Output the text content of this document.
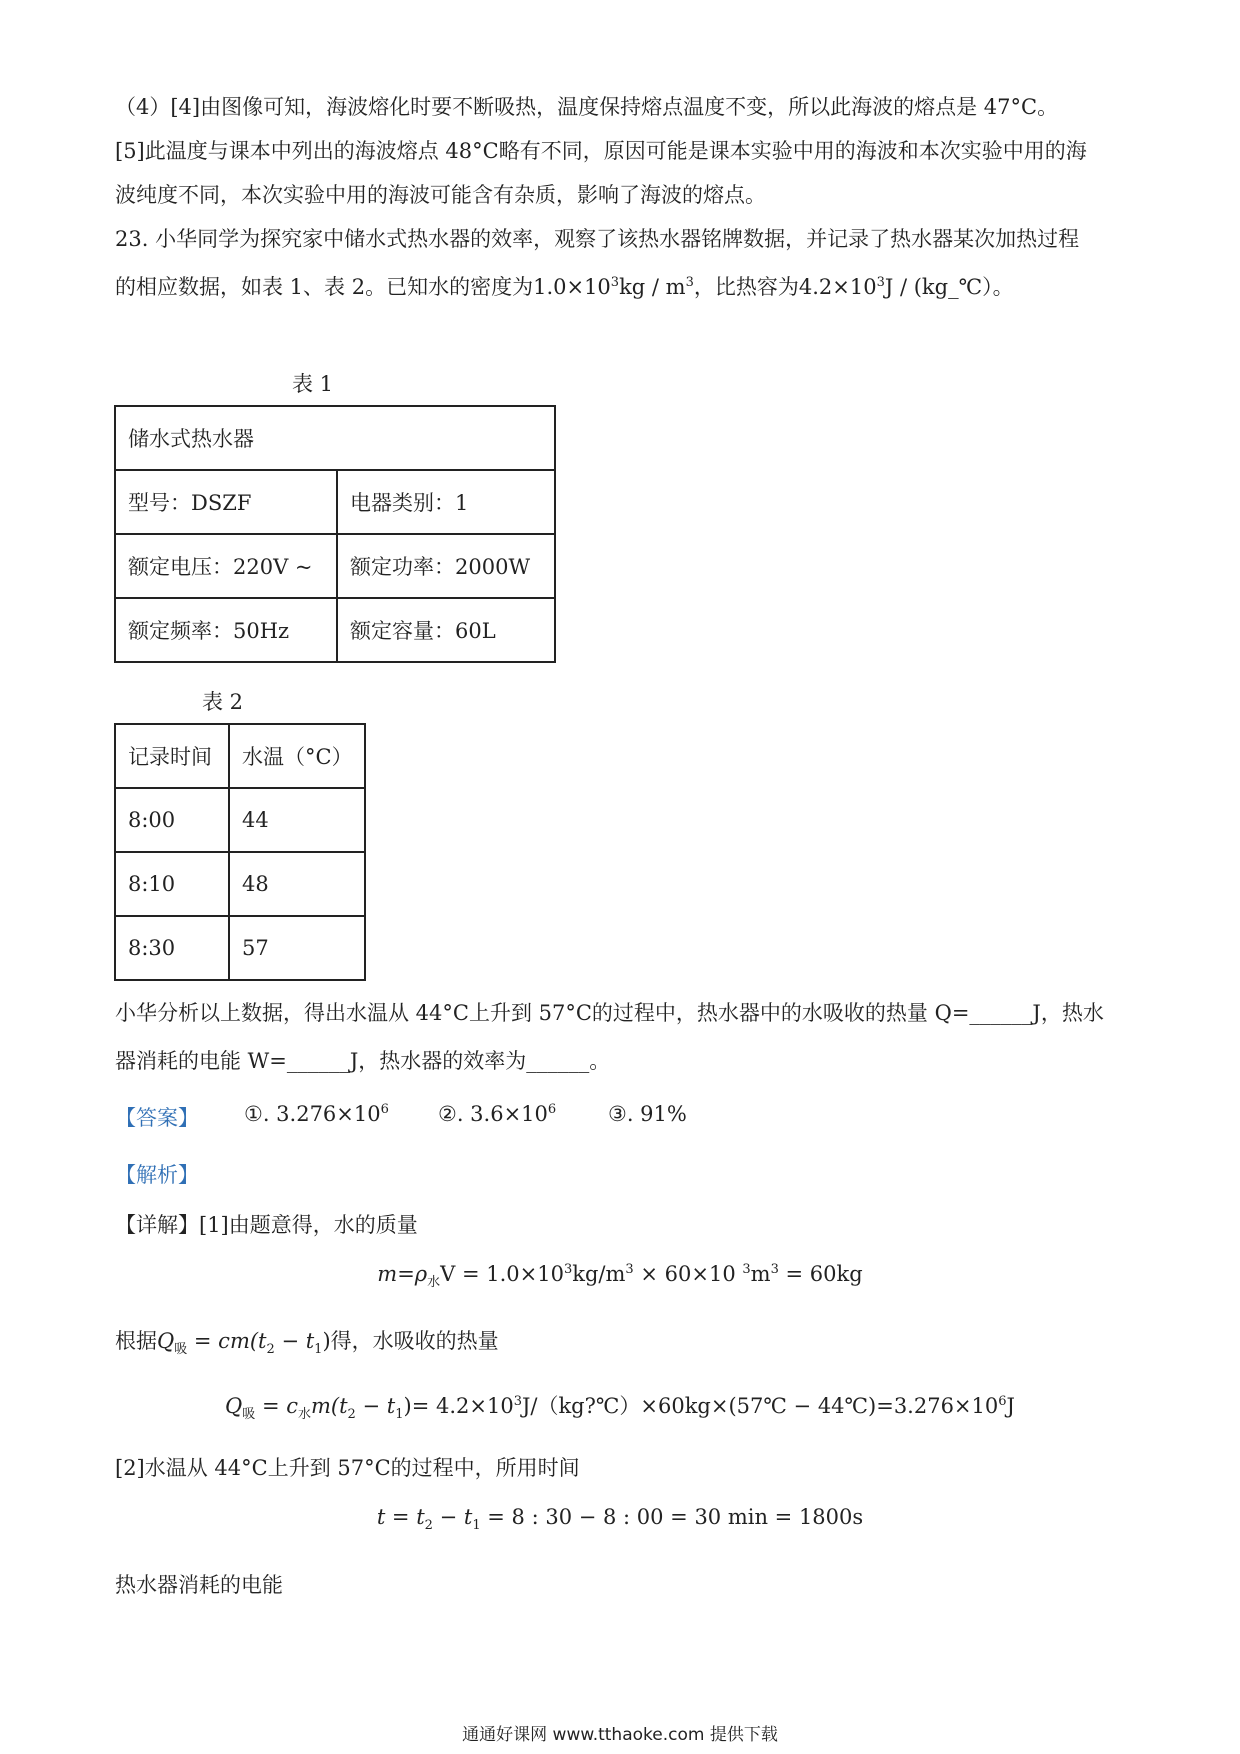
（4）[4]由图像可知，海波熔化时要不断吸热，温度保持熔点温度不变，所以此海波的熔点是 47°C。
[5]此温度与课本中列出的海波熔点 48°C略有不同，原因可能是课本实验中用的海波和本次实验中用的海
波纯度不同，本次实验中用的海波可能含有杂质，影响了海波的熔点。
23. 小华同学为探究家中储水式热水器的效率，观察了该热水器铭牌数据，并记录了热水器某次加热过程
的相应数据，如表 1、表 2。已知水的密度为$1.0\times 10^3kg / m^3$，比热容为$4.2\times 10^3J$ / (kg_℃）。
表 1
储水式热水器	
型号：DSZF	电器类别：1
额定电压：220V ~	额定功率：2000W
额定频率：50Hz	额定容量：60L
表 2
记录时间	水温（°C）
8:00	44
8:10	48
8:30	57
小华分析以上数据，得出水温从 44°C上升到 57°C的过程中，热水器中的水吸收的热量 Q=______J，热水
器消耗的电能 W=______J，热水器的效率为______。
【答案】 ①. $3.276\times 10^6$ ②. $3.6\times 10^6$ ③. 91%
【解析】
【详解】[1]由题意得，水的质量
$m=\rho_水V = 1.0\times 10^3kg/m^3 \times 60\times 10$ $^3m^3 = 60kg$
根据$Q_吸 = cm(t_2 - t_1)$得，水吸收的热量
$Q_吸 = c_水m(t_2 - t_1)=$ $4.2\times 10^3J/(kg?℃)\times 60kg\times(57℃$ − $44℃)=3.276\times 10^6J$
[2]水温从 44°C上升到 57°C的过程中，所用时间
$t = t_2 - t_1 = 8$ : 30 − 8 : 00 = 30 min = 1800s
热水器消耗的电能
通通好课网 www.tthaoke.com 提供下载
